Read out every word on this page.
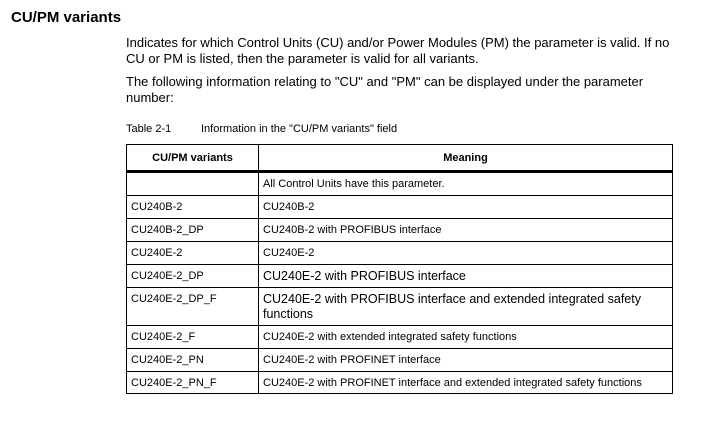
CU/PM variants
Indicates for which Control Units (CU) and/or Power Modules (PM) the parameter is valid. If no CU or PM is listed, then the parameter is valid for all variants.
The following information relating to "CU" and "PM" can be displayed under the parameter number:
Table 2-1	Information in the "CU/PM variants" field
CU/PM variants	Meaning
	All Control Units have this parameter.
CU240B-2	CU240B-2
CU240B-2_DP	CU240B-2 with PROFIBUS interface
CU240E-2	CU240E-2
CU240E-2_DP	CU240E-2 with PROFIBUS interface
CU240E-2_DP_F	CU240E-2 with PROFIBUS interface and extended integrated safety functions
CU240E-2_F	CU240E-2 with extended integrated safety functions
CU240E-2_PN	CU240E-2 with PROFINET interface
CU240E-2_PN_F	CU240E-2 with PROFINET interface and extended integrated safety functions
